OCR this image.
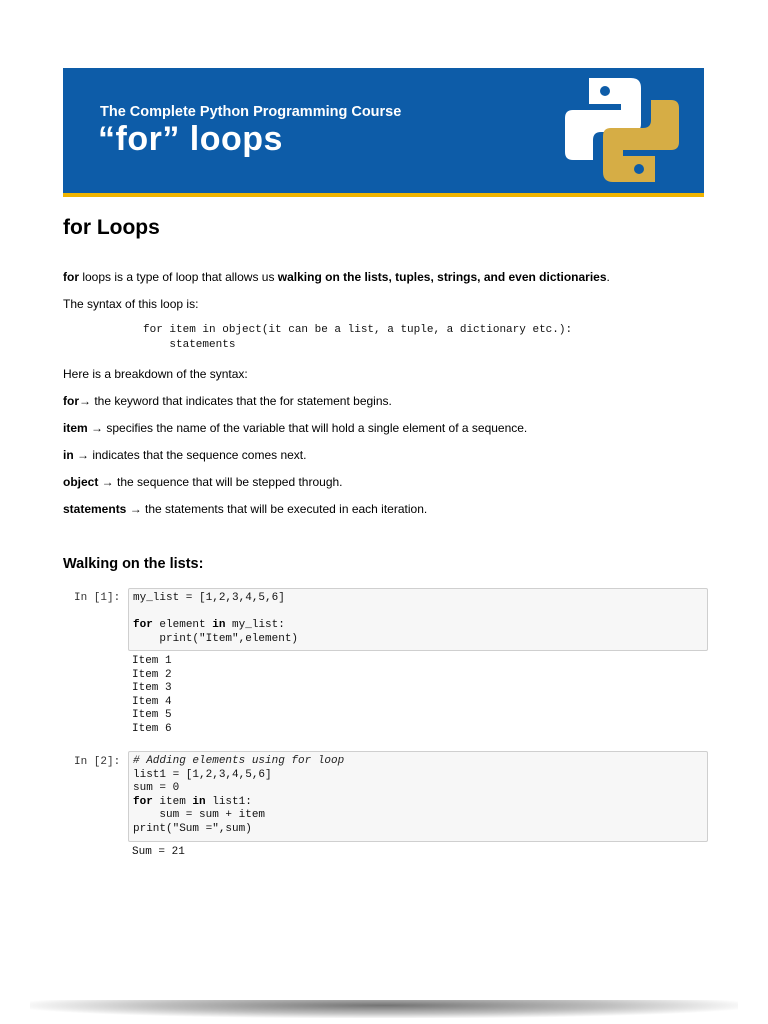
The Complete Python Programming Course
“for” loops
for Loops

for loops is a type of loop that allows us walking on the lists, tuples, strings, and even dictionaries.

The syntax of this loop is:

for item in object(it can be a list, a tuple, a dictionary etc.):
statements

Here is a breakdown of the syntax:

for→ the keyword that indicates that the for statement begins.

item → specifies the name of the variable that will hold a single element of a sequence.

in → indicates that the sequence comes next.

object → the sequence that will be stepped through.

statements → the statements that will be executed in each iteration.

Walking on the lists:
In [1]:	my_list = [1,2,3,4,5,6]

for element in my_list:
print("Item",element)
Item 1
Item 2
Item 3
Item 4
Item 5
Item 6
In [2]:	# Adding elements using for loop
list1 = [1,2,3,4,5,6]
sum = 0
for item in list1:
sum = sum + item
print("Sum =",sum)
Sum = 21
